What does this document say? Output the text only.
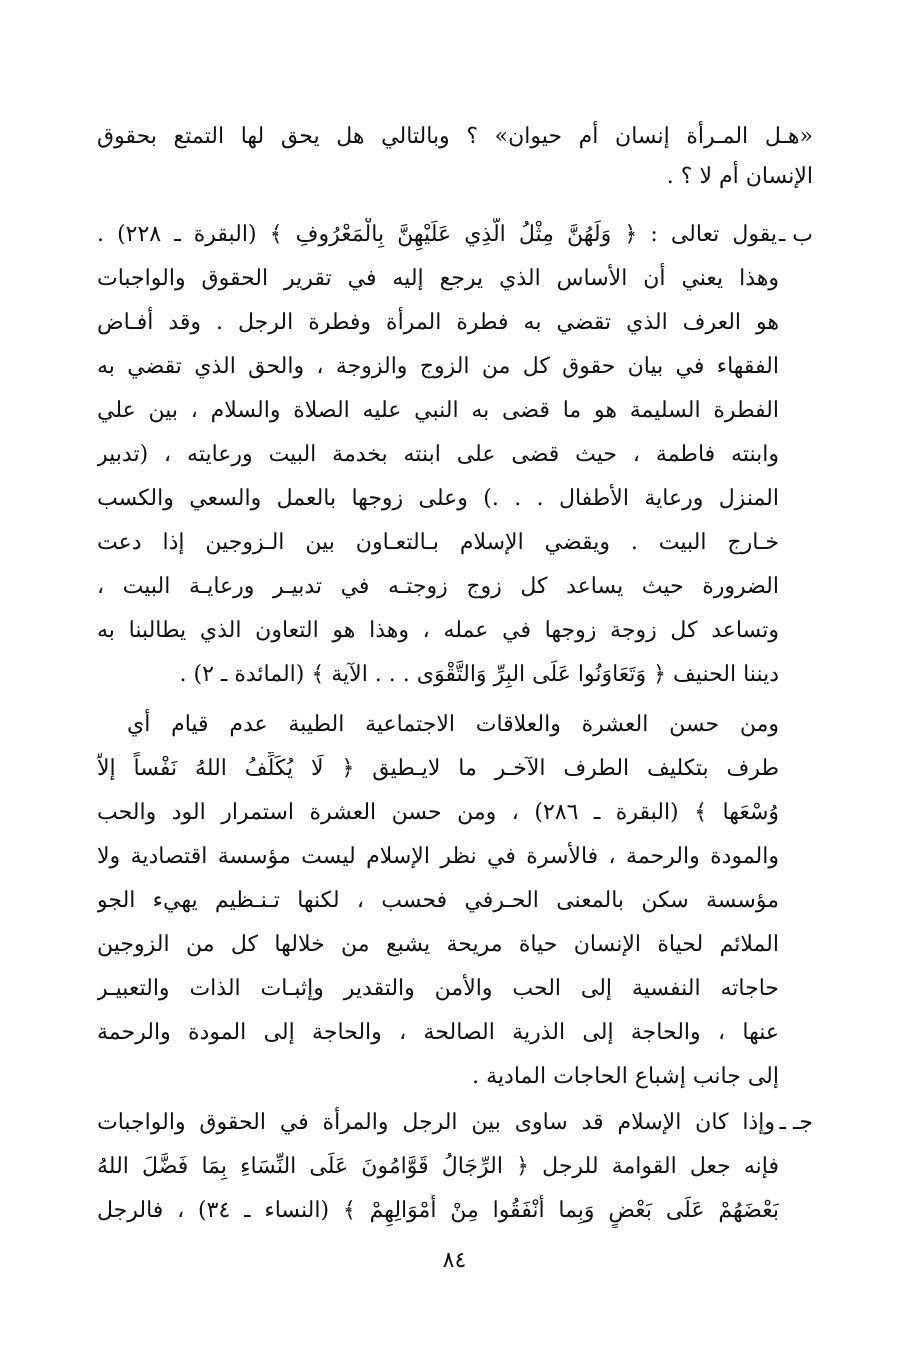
«هـل المـرأة إنسان أم حيوان» ؟ وبالتالي هل يحق لها التمتع بحقوق
الإنسان أم لا ؟ .
ب ـ
يقول تعالى : ﴿ وَلَهُنَّ مِثْلُ الَّذِي عَلَيْهِنَّ بِالْمَعْرُوفِ ﴾ (البقرة ـ ٢٢٨) .
وهذا يعني أن الأساس الذي يرجع إليه في تقرير الحقوق والواجبات
هو العرف الذي تقضي به فطرة المرأة وفطرة الرجل . وقد أفـاض
الفقهاء في بيان حقوق كل من الزوج والزوجة ، والحق الذي تقضي به
الفطرة السليمة هو ما قضى به النبي عليه الصلاة والسلام ، بين علي
وابنته فاطمة ، حيث قضى على ابنته بخدمة البيت ورعايته ، (تدبير
المنزل ورعاية الأطفال . . .) وعلى زوجها بالعمل والسعي والكسب
خـارج البيت . ويقضي الإسلام بـالتعـاون بين الـزوجين إذا دعت
الضرورة حيث يساعد كل زوج زوجتـه في تدبيـر ورعايـة البيت ،
وتساعد كل زوجة زوجها في عمله ، وهذا هو التعاون الذي يطالبنا به
ديننا الحنيف ﴿ وَتَعَاوَنُوا عَلَى البِرِّ وَالتَّقْوَى . . . الآية ﴾ (المائدة ـ ٢) .
ومن حسن العشرة والعلاقات الاجتماعية الطيبة عدم قيام أي
طرف بتكليف الطرف الآخـر ما لايـطيق ﴿ لَا يُكَلِّفُ اللهُ نَفْساً إلاَّ
وُسْعَها ﴾ (البقرة ـ ٢٨٦) ، ومن حسن العشرة استمرار الود والحب
والمودة والرحمة ، فالأسرة في نظر الإسلام ليست مؤسسة اقتصادية ولا
مؤسسة سكن بالمعنى الحـرفي فحسب ، لكنها تـنـظيم يهيء الجو
الملائم لحياة الإنسان حياة مريحة يشبع من خلالها كل من الزوجين
حاجاته النفسية إلى الحب والأمن والتقدير وإثبـات الذات والتعبيـر
عنها ، والحاجة إلى الذرية الصالحة ، والحاجة إلى المودة والرحمة
إلى جانب إشباع الحاجات المادية .
جـ ـ
وإذا كان الإسلام قد ساوى بين الرجل والمرأة في الحقوق والواجبات
فإنه جعل القوامة للرجل ﴿ الرِّجَالُ قَوَّامُونَ عَلَى النِّسَاءِ بِمَا فَضَّلَ اللهُ
بَعْضَهُمْ عَلَى بَعْضٍ وَبِما أَنْفَقُوا مِنْ أَمْوَالِهِمْ ﴾ (النساء ـ ٣٤) ، فالرجل
٨٤
